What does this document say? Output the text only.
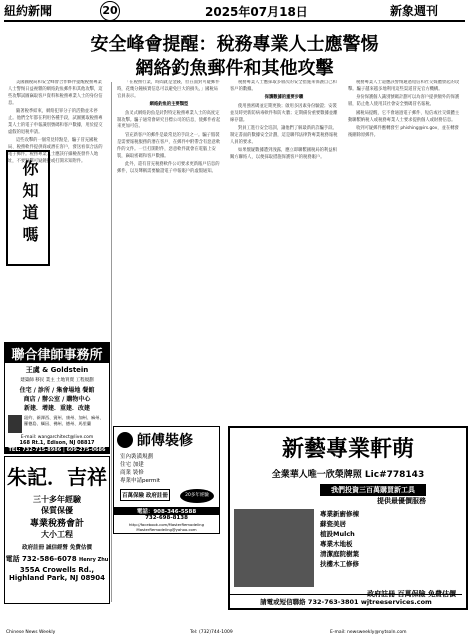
紐約新聞	20	2025年07月18日	新象週刊
安全峰會提醒：稅務專業人士應警惕
網絡釣魚郵件和其他攻擊

美國國稅局和安全峰會合作夥伴提醒稅務專業人士警惕日益複雜的網絡釣魚郵件和其他攻擊，這些攻擊試圖竊取客戶資料和稅務專業人士的身份信息。

隨著稅季結束，網絡犯罪分子的活動並未停止。他們全年都在利用各種手段，試圖獲取稅務專業人士的電子申報識別號碼和客戶數據，用於提交虛假的退稅申請。

這些攻擊的一個常見特點是，騙子冒充國稅局、稅務軟件提供商或潛在客戶，發送看似合法的電子郵件。稅務專業人士應該仔細檢查發件人地址，不要點擊可疑鏈接或打開未知附件。

「在稅務行業，時間就是金錢，但在面對可疑郵件時，花幾分鐘核實信息可以避免巨大的損失。」國稅局官員表示。

網絡釣魚的主要類型

魚叉式網絡釣魚是針對特定稅務專業人士的高度定制攻擊。騙子通常會研究目標公司的信息，使郵件看起來更加可信。

冒充新客戶的郵件是最常見的手段之一。騙子假裝是需要報稅服務的潛在客戶，在郵件中附帶含有惡意軟件的文件。一旦打開附件，惡意軟件就會在電腦上安裝，竊取密碼和客戶數據。

此外，還有冒充稅務軟件公司要求更新賬戶信息的郵件，以及聲稱需要驗證電子申報賬戶的虛假通知。

稅務專業人士應採取多層次的安全措施來保護自己和客戶的數據。

保護數據的重要步驟

使用強密碼並定期更換；啟用多因素身份驗證；安裝並及時更新防病毒軟件和防火牆；定期備份重要數據並離線存儲。

對員工進行安全培訓，讓他們了解最新的詐騙手段。制定書面的數據安全計劃，這是聯邦法律對專業稅務報稅人員的要求。

如果懷疑數據遭到洩露，應立即聯繫國稅局的利益相關方聯絡人，以便採取措施保護客戶的稅務賬戶。

稅務專業人士還應該警惕通過短信和社交媒體發起的攻擊。騙子越來越多地利用這些渠道冒充官方機構。

身份保護個人識別號碼計劃可以為客戶提供額外的保護層，防止他人使用其社會安全號碼冒名報稅。

國稅局提醒，它不會通過電子郵件、短信或社交媒體主動聯繫納稅人或稅務專業人士要求提供個人或財務信息。

收到可疑郵件應轉發至 phishing@irs.gov，並在轉發後刪除原郵件。

你知道嗎
聯合律師事務所
王虞 & Goldstein
建築師 移民 業主 土地買賣 工程規劃
住宅 / 診所 / 集會場地 餐館
商店 / 辦公室 / 購物中心
新建．增建．重建．改建
紐約、新澤西、賓州、康州、加州、麻州、羅德島、緬因、佛州、德州、馬里蘭
E-mail: wangarchitect@live.com
168 Rt.1, Edison, NJ 08817
TEL: 732-715-8986 | 609-275-0686
朱記．吉祥
三十多年經驗
保質保優
專業稅務會計
大小工程
政府註冊 誠信經營 免費估價
電話 732-586-6078 Henry Zhu
355A Crowells Rd.,
Highland Park, NJ 08904
師傅裝修
室內裝潢規劃
住宅 加建
商業 裝修
專業申請permit
百萬保險 政府註冊	20多年經驗
電話：908-346-5588
732-698-8138
http://facebook.com/MasterRemodeling
MasterRemodeling@yahoo.com
新藝專業軒萌
全業華人唯一欣榮牌照 Lic#778143
我們投資三百萬購買新工具
提供最優價服務
專業新廚修棟
蘇瓷美居
植設Mulch
專業木地板
清潔庭院樹葉
扶樓木工修修
政府註冊 百萬保險 免費估價
請電或短信聯絡 732-763-3801 wjtreeservices.com
Chinese News Weekly	Tel: (732)744-1009	E-mail: newsweekly@nytsoln.com
